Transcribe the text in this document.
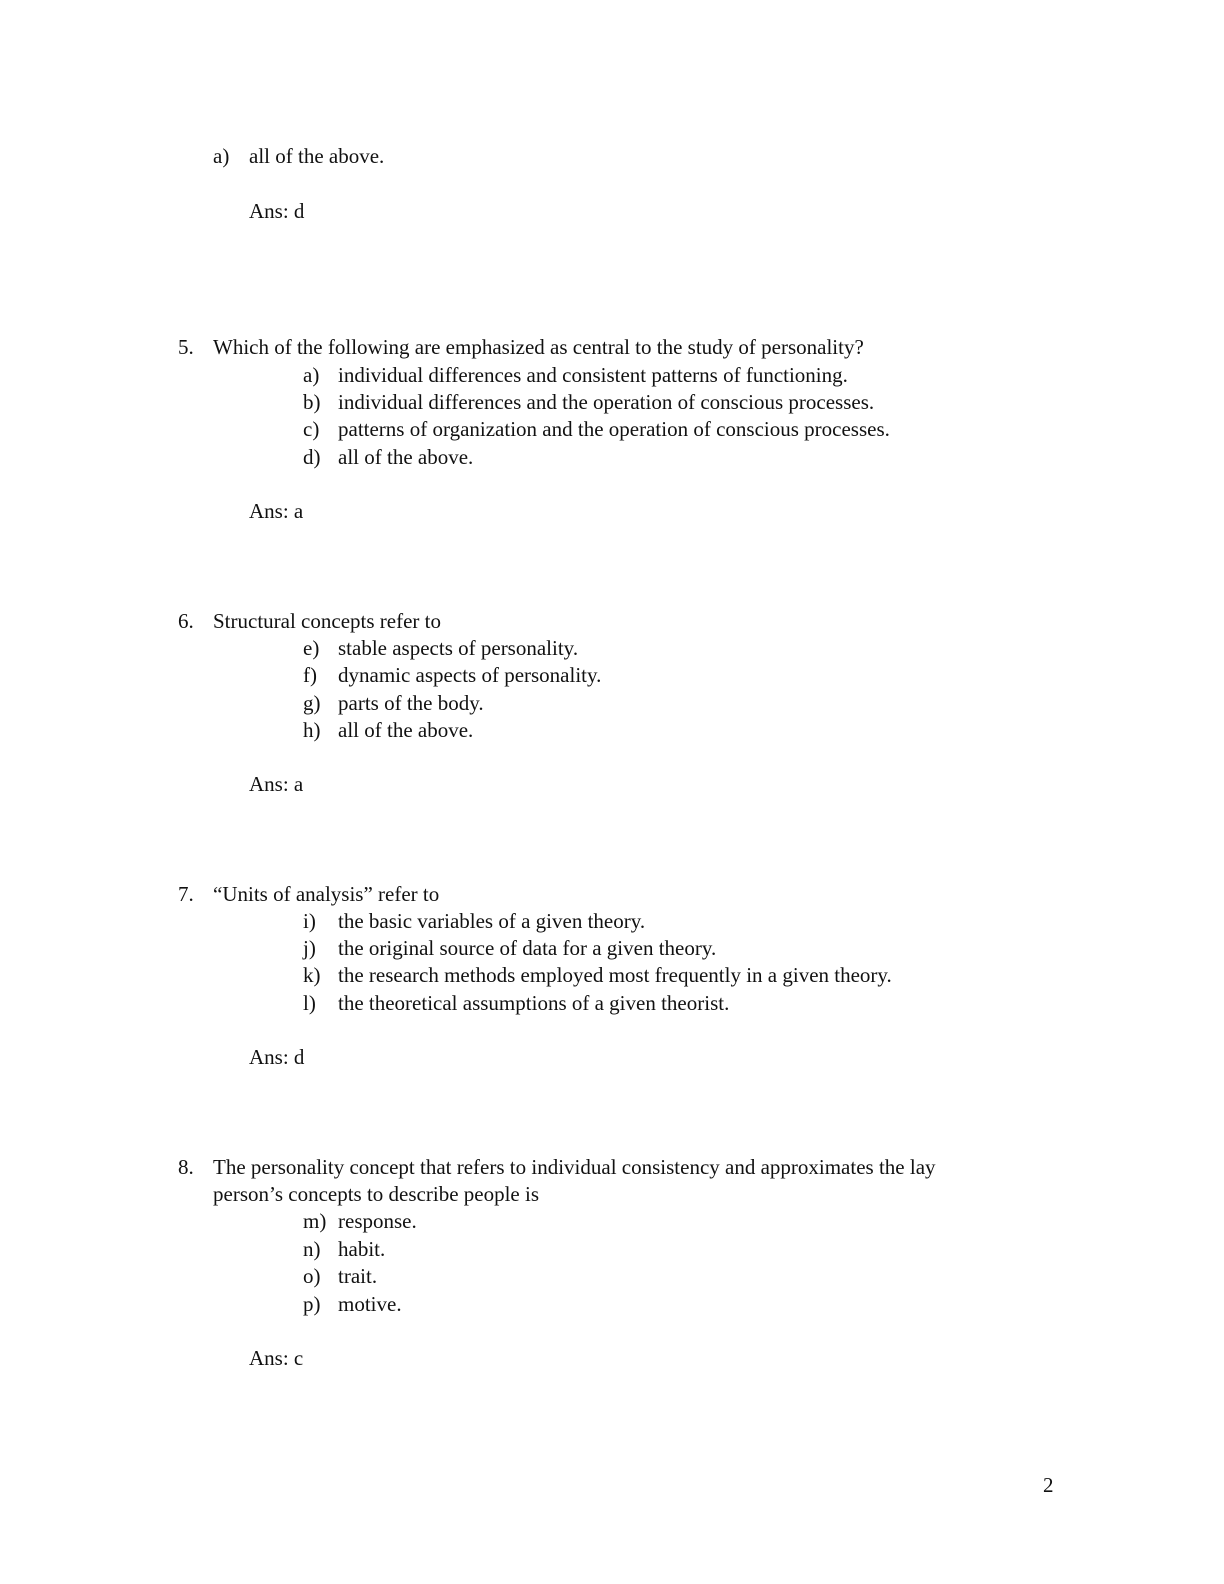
a) all of the above.
Ans: d
5. Which of the following are emphasized as central to the study of personality?
a) individual differences and consistent patterns of functioning.
b) individual differences and the operation of conscious processes.
c) patterns of organization and the operation of conscious processes.
d) all of the above.
Ans: a
6. Structural concepts refer to
e) stable aspects of personality.
f) dynamic aspects of personality.
g) parts of the body.
h) all of the above.
Ans: a
7. “Units of analysis” refer to
i) the basic variables of a given theory.
j) the original source of data for a given theory.
k) the research methods employed most frequently in a given theory.
l) the theoretical assumptions of a given theorist.
Ans: d
8. The personality concept that refers to individual consistency and approximates the lay
person’s concepts to describe people is
m) response.
n) habit.
o) trait.
p) motive.
Ans: c
2
